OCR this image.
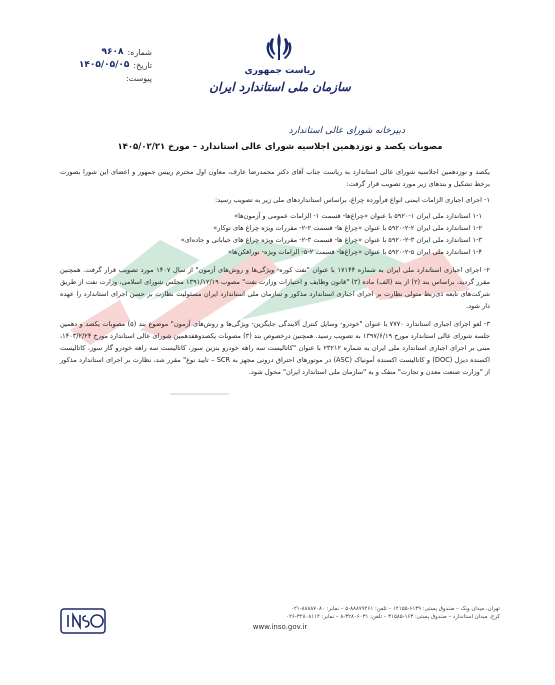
ـــــــــ
شماره:
۹۶۰۸
تاریخ:
۱۴۰۵/۰۵/۰۵
پیوست:
ریاست جمهوری
سازمان ملی استاندارد ایران
دبیرخانه شورای عالی استاندارد
مصوبات یکصد و نوزدهمین اجلاسیه شورای عالی استاندارد – مورخ ۱۴۰۵/۰۲/۲۱

یکصد و نوزدهمین اجلاسیه شورای عالی استاندارد به ریاست جناب آقای دکتر محمدرضا عارف، معاون اول محترم رییس جمهور و اعضای این شورا بصورت برخط تشکیل و بندهای زیر مورد تصویب قرار گرفت:

۱- اجرای اجباری الزامات ایمنی انواع فرآورده چراغ، براساس استانداردهای ملی زیر به تصویب رسید:

۱-۱ استاندارد ملی ایران ۱-۵۹۲۰ با عنوان «چراغ‌ها- قسمت ۱- الزامات عمومی و آزمون‌ها»

۱-۲ استاندارد ملی ایران ۲-۲-۵۹۲۰ با عنوان «چراغ ها- قسمت ۲-۲- مقررات ویژه چراغ های توکار»

۱-۳ استاندارد ملی ایران ۳-۲-۵۹۲۰ با عنوان «چراغ ها- قسمت ۳-۲- مقررات ویژه چراغ های خیابانی و جاده‌ای»

۱-۴ استاندارد ملی ایران ۵-۲-۵۹۲۰ با عنوان «چراغ‌ها- قسمت ۲-۵- الزامات ویژه- نورافکن‌ها»

۲- اجرای اجباری استاندارد ملی ایران به شماره ۱۷۱۴۴ با عنوان "نفت کوره- ویژگی‌ها و روش‌های آزمون" از سال ۱۴۰۷ مورد تصویب قرار گرفت. همچنین مقرر گردید، براساس بند (۲) از بند (الف) ماده (۳) "قانون وظایف و اختیارات وزارت نفت" مصوب ۱۳۹۱/۱۲/۱۹ مجلس شورای اسلامی، وزارت نفت از طریق شرکت‌های تابعه ذی‌ربط متولی نظارت بر اجرای اجباری استاندارد مذکور و سازمان ملی استاندارد ایران مسئولیت نظارت بر حسن اجرای استاندارد را عهده دار شود.

۳- لغو اجرای اجباری استاندارد ۷۷۷۰ با عنوان "خودرو- وسایل کنترل آلایندگی جایگزین- ویژگی‌ها و روش‌های آزمون" موضوع بند (۵) مصوبات یکصد و دهمین جلسه شورای عالی استاندارد مورخ ۱۳۹۷/۶/۱۹ به تصویب رسید. همچنین درخصوص بند (۳) مصوبات یکصدوهفدهمین شورای عالی استاندارد مورخ ۱۴۰۳/۲/۲۴، مبنی بر اجرای اجباری استاندارد ملی ایران به شماره ۲۳۲۱۲ با عنوان "کاتالیست سه راهه خودرو بنزین سوز، کاتالیست سه راهه خودرو گاز سوز، کاتالیست اکسنده دیزل (DOC) و کاتالیست اکسنده آمونیاک (ASC) در موتورهای احتراق درونی مجهز به SCR – تایید نوع" مقرر شد، نظارت بر اجرای استاندارد مذکور از "وزارت صنعت معدن و تجارت" منفک و به "سازمان ملی استاندارد ایران" محول شود.

تهران، میدان ونک – صندوق پستی: ۶۱۳۹-۱۴۱۵۵ – تلفن: ۸۸۸۷۹۴۶۱-۵ – نمابر: ۸۸۸۸۷۰۸۰-۰۲۱
کرج، میدان استاندارد – صندوق پستی: ۱۶۳-۳۱۵۸۵ – تلفن: ۳۲۸۰۶۰۳۱-۸ – نمابر: ۳۲۸۰۸۱۱۴-۰۲۶
www.inso.gov.ir
